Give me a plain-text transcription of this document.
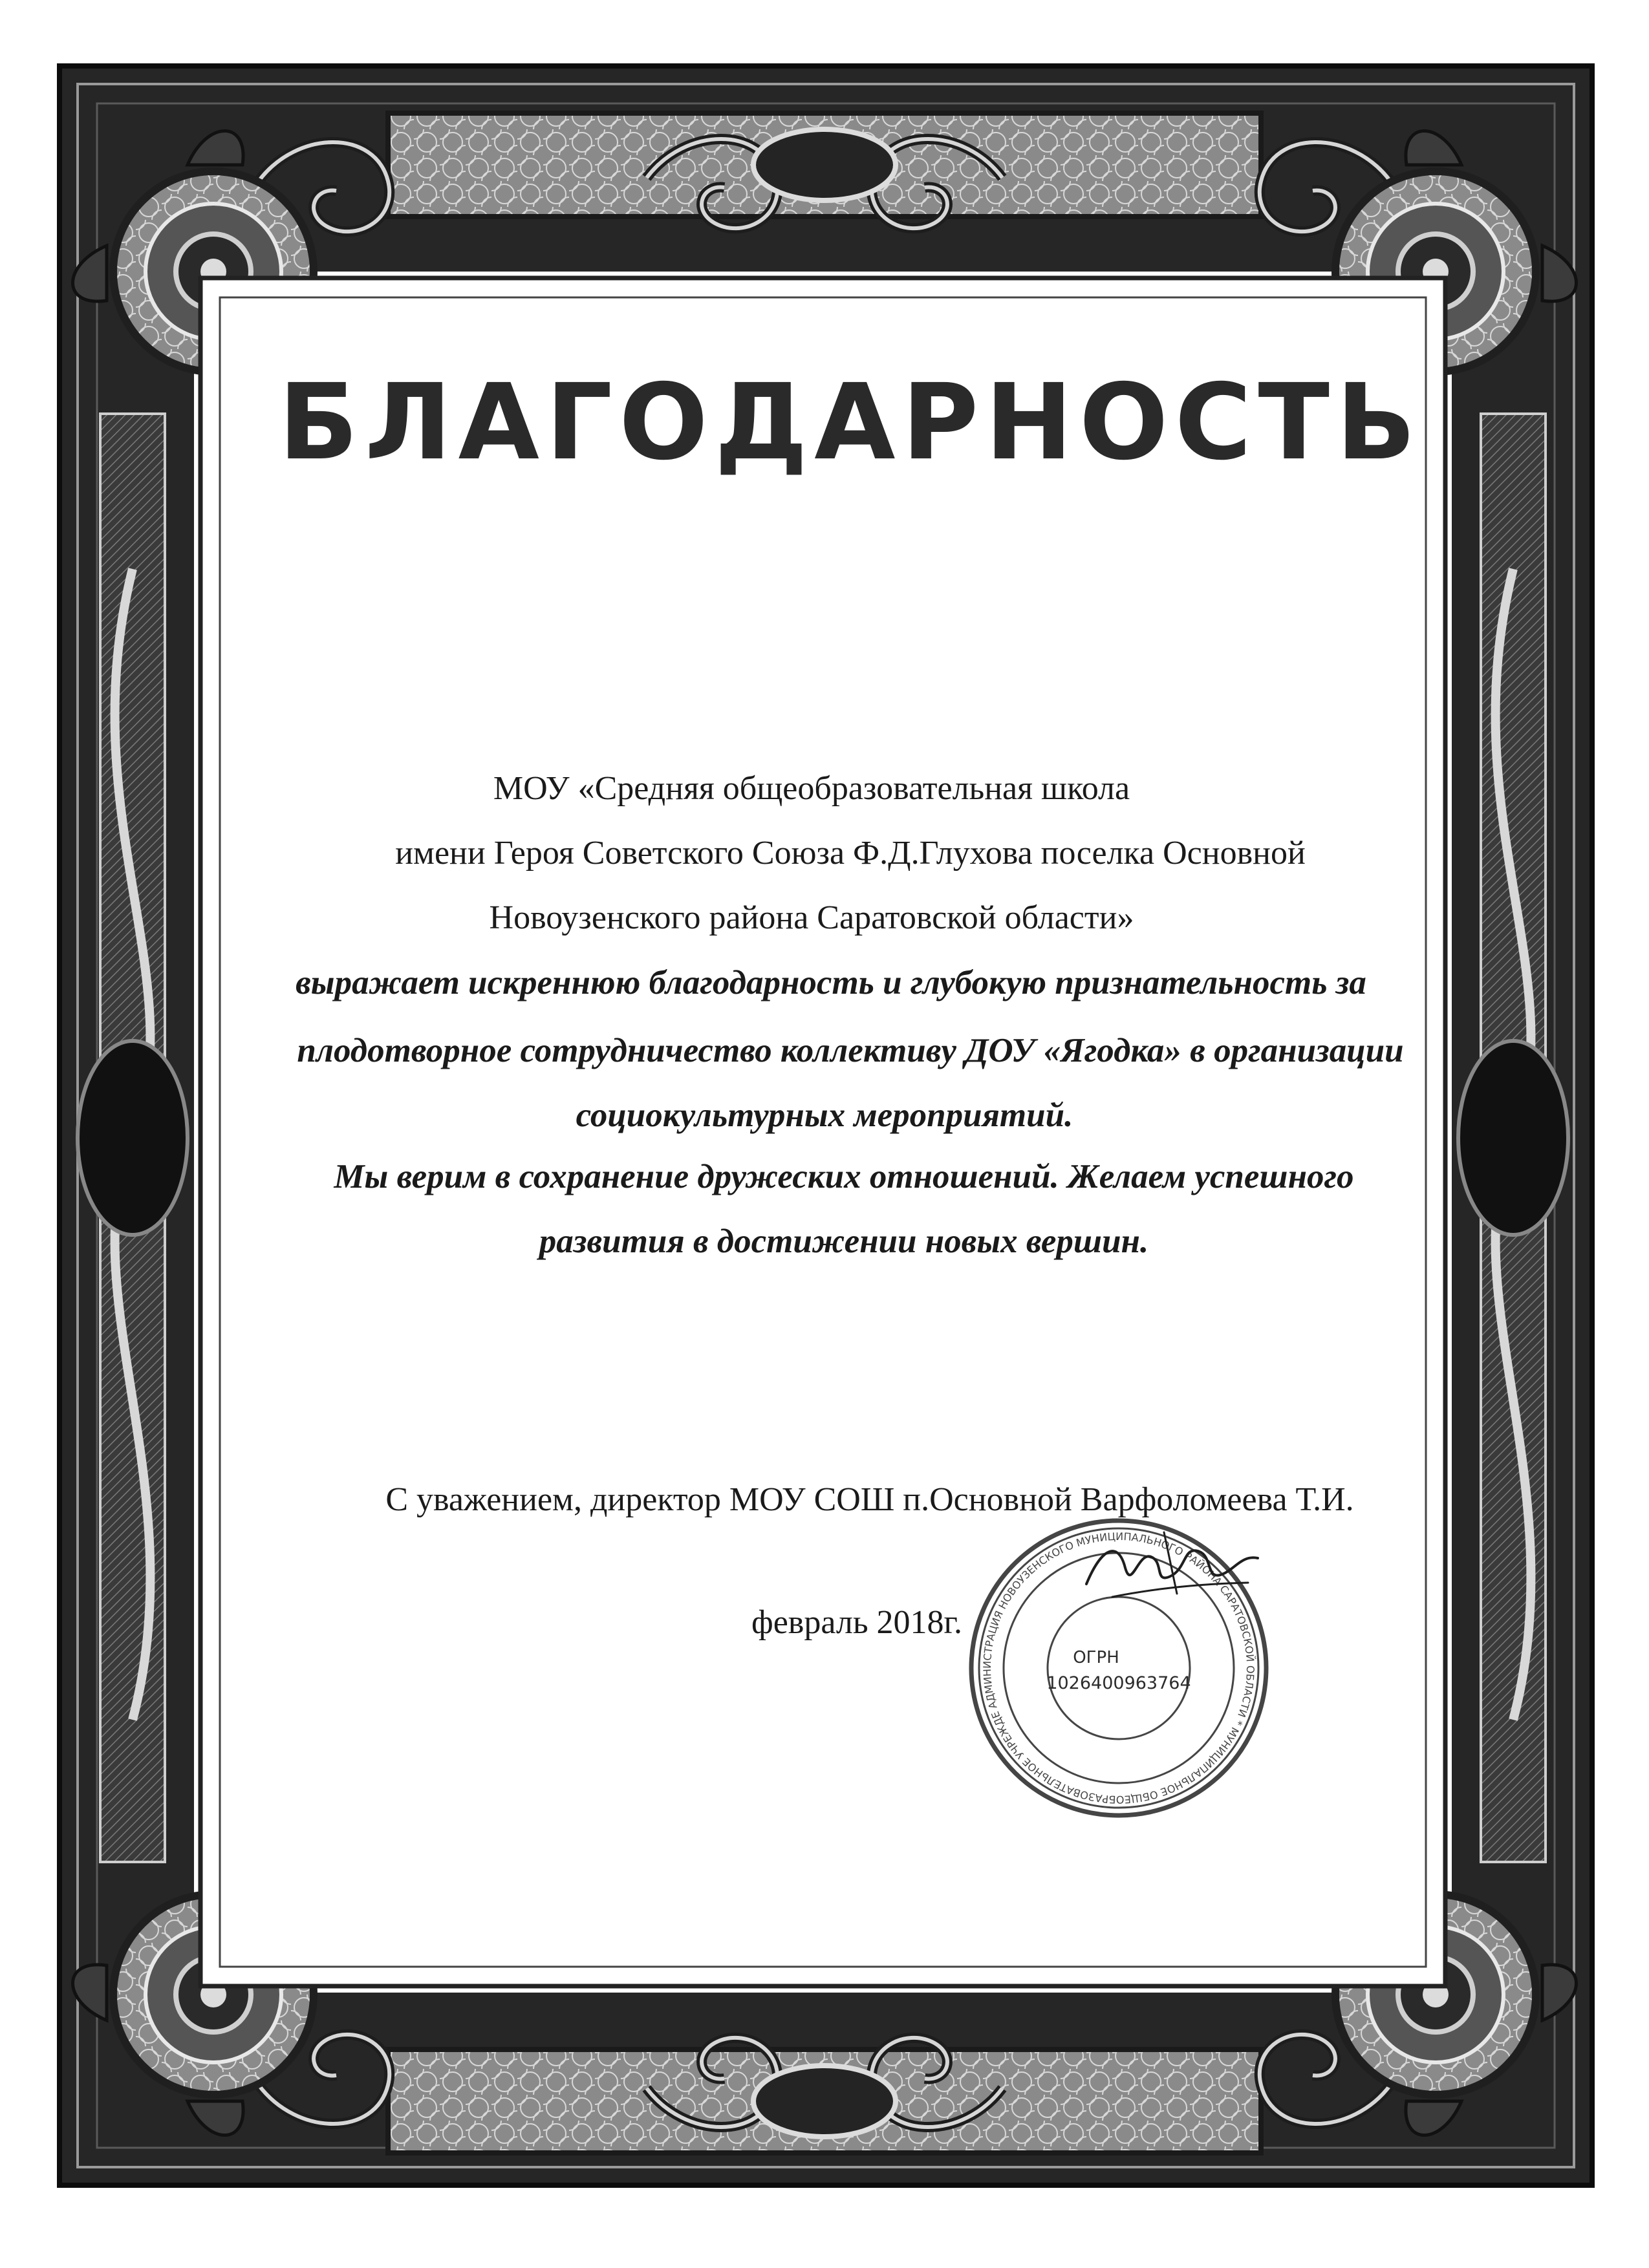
БЛАГОДАРНОСТЬ
МОУ «Средняя общеобразовательная школа
имени Героя Советского Союза Ф.Д.Глухова поселка Основной
Новоузенского района Саратовской области»
выражает искреннюю благодарность и глубокую признательность за
плодотворное сотрудничество коллективу ДОУ «Ягодка» в организации
социокультурных мероприятий.
Мы верим в сохранение дружеских отношений. Желаем успешного
развития в достижении новых вершин.
С уважением, директор МОУ СОШ п.Основной Варфоломеева Т.И.
февраль 2018г.
АДМИНИСТРАЦИЯ НОВОУЗЕНСКОГО МУНИЦИПАЛЬНОГО РАЙОНА САРАТОВСКОЙ ОБЛАСТИ * МУНИЦИПАЛЬНОЕ ОБЩЕОБРАЗОВАТЕЛЬНОЕ УЧРЕЖДЕНИЕ
ОГРН
1026400963764
